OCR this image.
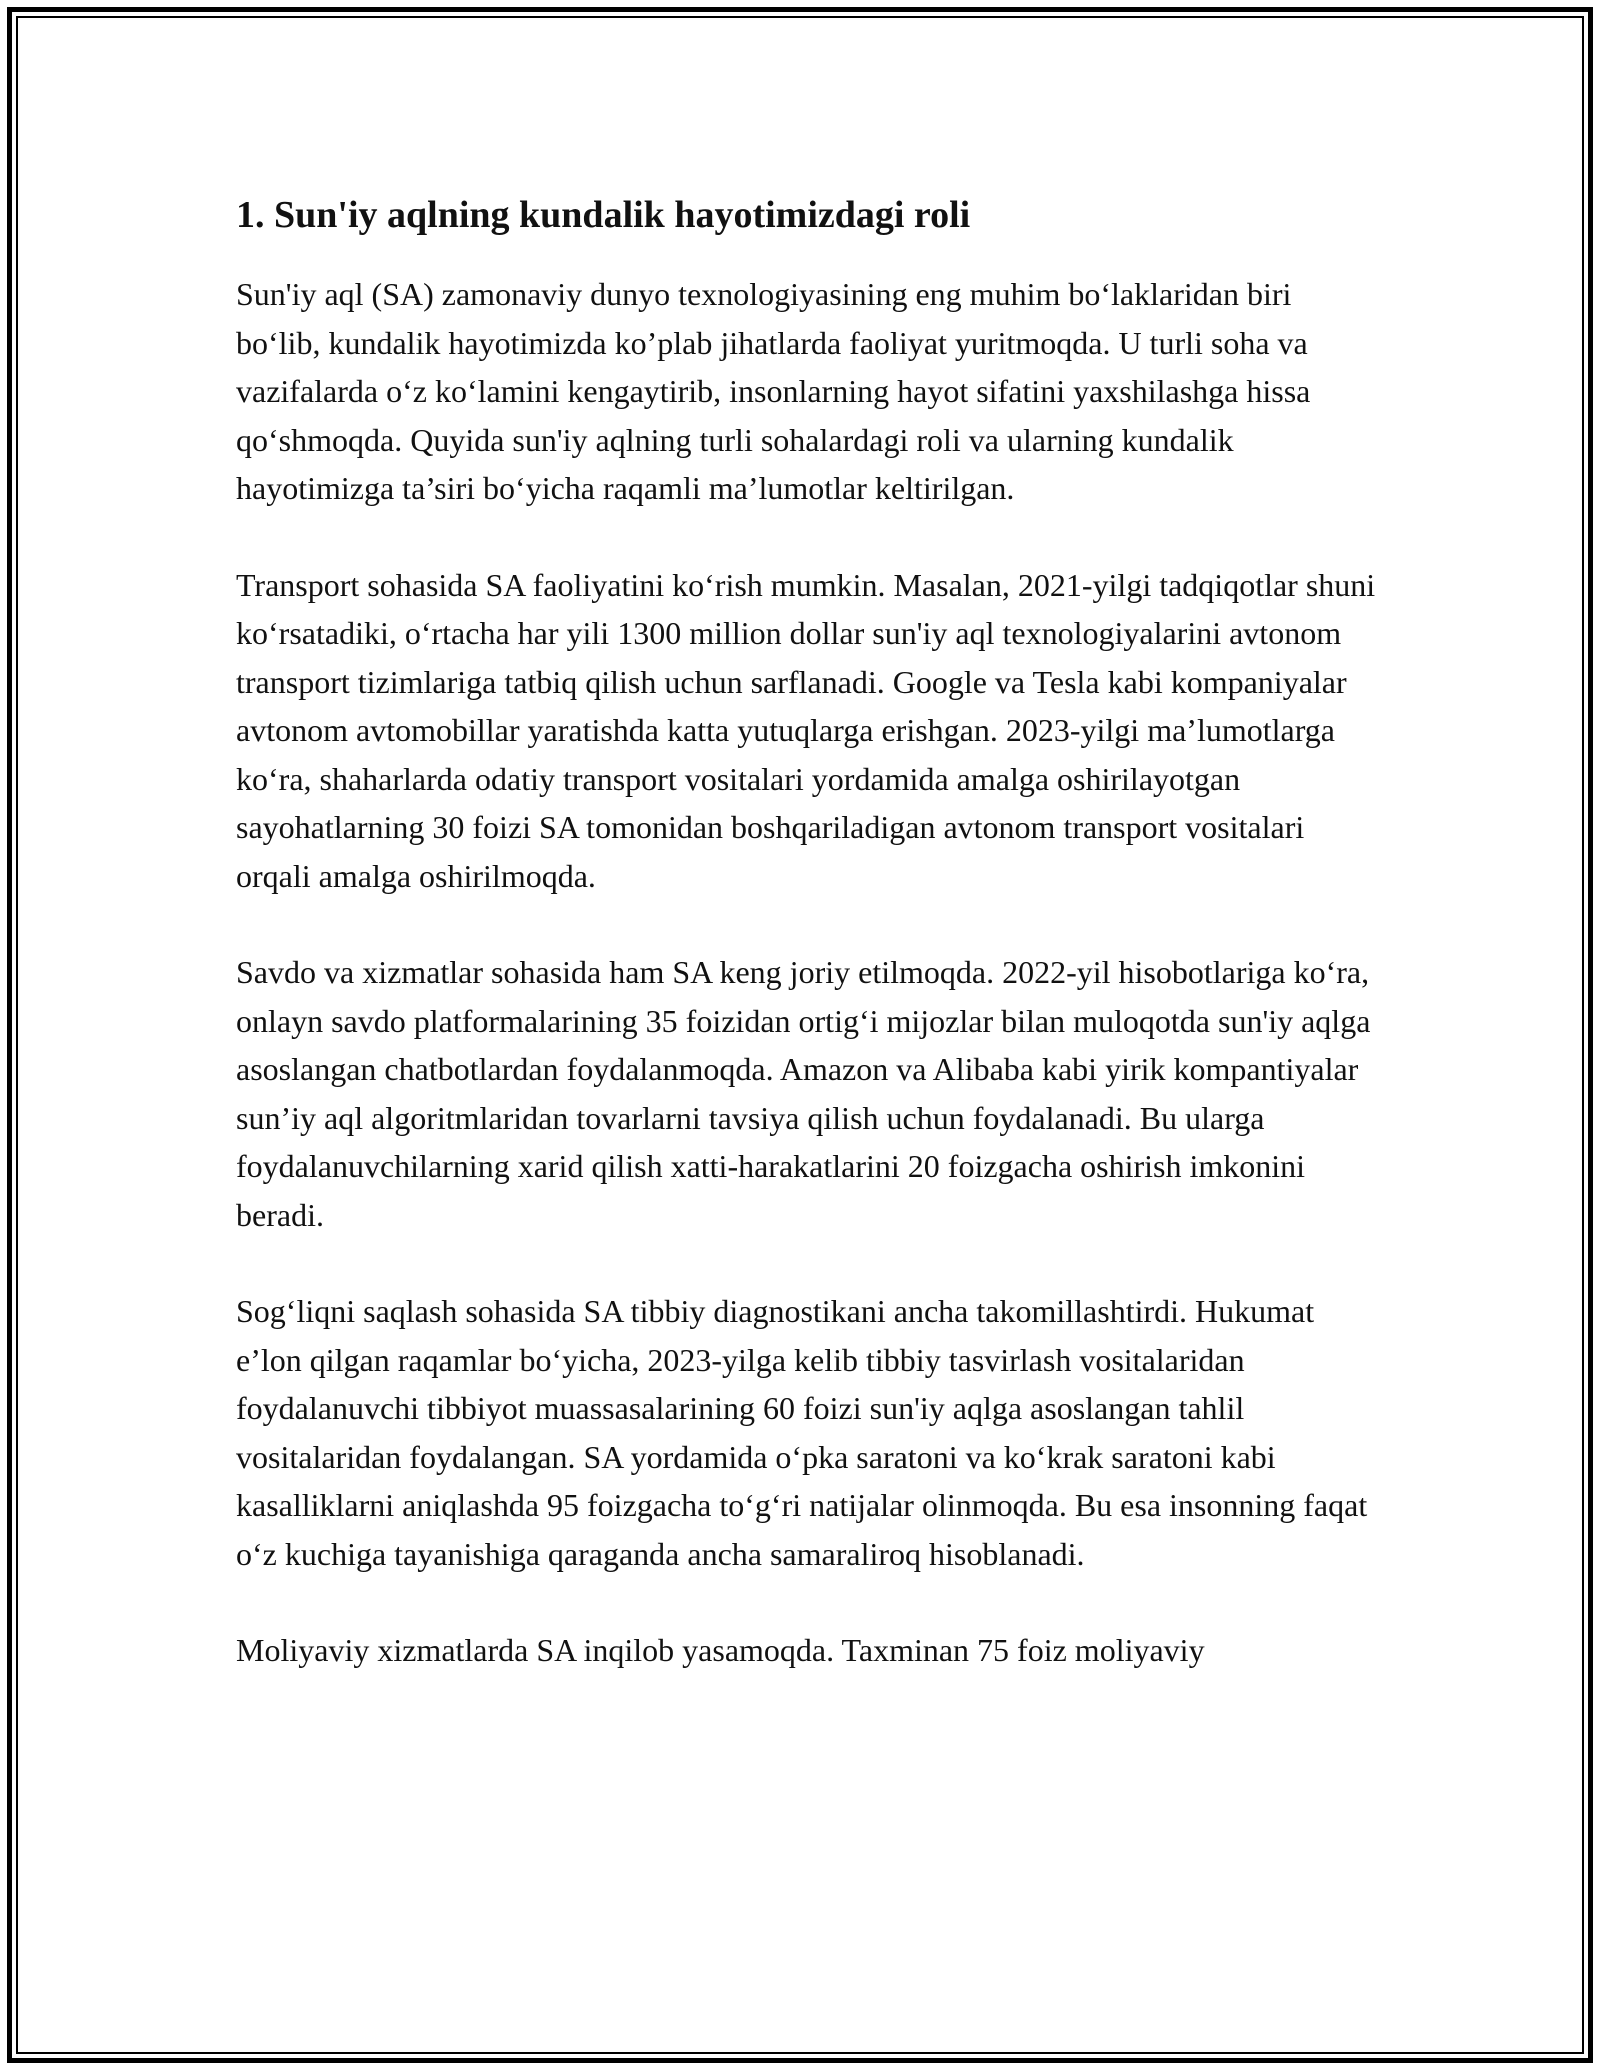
1. Sun'iy aqlning kundalik hayotimizdagi roli

Sun'iy aql (SA) zamonaviy dunyo texnologiyasining eng muhim bo‘laklaridan biri bo‘lib, kundalik hayotimizda ko’plab jihatlarda faoliyat yuritmoqda. U turli soha va vazifalarda o‘z ko‘lamini kengaytirib, insonlarning hayot sifatini yaxshilashga hissa qo‘shmoqda. Quyida sun'iy aqlning turli sohalardagi roli va ularning kundalik hayotimizga ta’siri bo‘yicha raqamli ma’lumotlar keltirilgan.

Transport sohasida SA faoliyatini ko‘rish mumkin. Masalan, 2021-yilgi tadqiqotlar shuni ko‘rsatadiki, o‘rtacha har yili 1300 million dollar sun'iy aql texnologiyalarini avtonom transport tizimlariga tatbiq qilish uchun sarflanadi. Google va Tesla kabi kompaniyalar avtonom avtomobillar yaratishda katta yutuqlarga erishgan. 2023-yilgi ma’lumotlarga ko‘ra, shaharlarda odatiy transport vositalari yordamida amalga oshirilayotgan sayohatlarning 30 foizi SA tomonidan boshqariladigan avtonom transport vositalari orqali amalga oshirilmoqda.

Savdo va xizmatlar sohasida ham SA keng joriy etilmoqda. 2022-yil hisobotlariga ko‘ra, onlayn savdo platformalarining 35 foizidan ortig‘i mijozlar bilan muloqotda sun'iy aqlga asoslangan chatbotlardan foydalanmoqda. Amazon va Alibaba kabi yirik kompantiyalar sun’iy aql algoritmlaridan tovarlarni tavsiya qilish uchun foydalanadi. Bu ularga foydalanuvchilarning xarid qilish xatti-harakatlarini 20 foizgacha oshirish imkonini beradi.

Sog‘liqni saqlash sohasida SA tibbiy diagnostikani ancha takomillashtirdi. Hukumat e’lon qilgan raqamlar bo‘yicha, 2023-yilga kelib tibbiy tasvirlash vositalaridan foydalanuvchi tibbiyot muassasalarining 60 foizi sun'iy aqlga asoslangan tahlil vositalaridan foydalangan. SA yordamida o‘pka saratoni va ko‘krak saratoni kabi kasalliklarni aniqlashda 95 foizgacha to‘g‘ri natijalar olinmoqda. Bu esa insonning faqat o‘z kuchiga tayanishiga qaraganda ancha samaraliroq hisoblanadi.

Moliyaviy xizmatlarda SA inqilob yasamoqda. Taxminan 75 foiz moliyaviy
